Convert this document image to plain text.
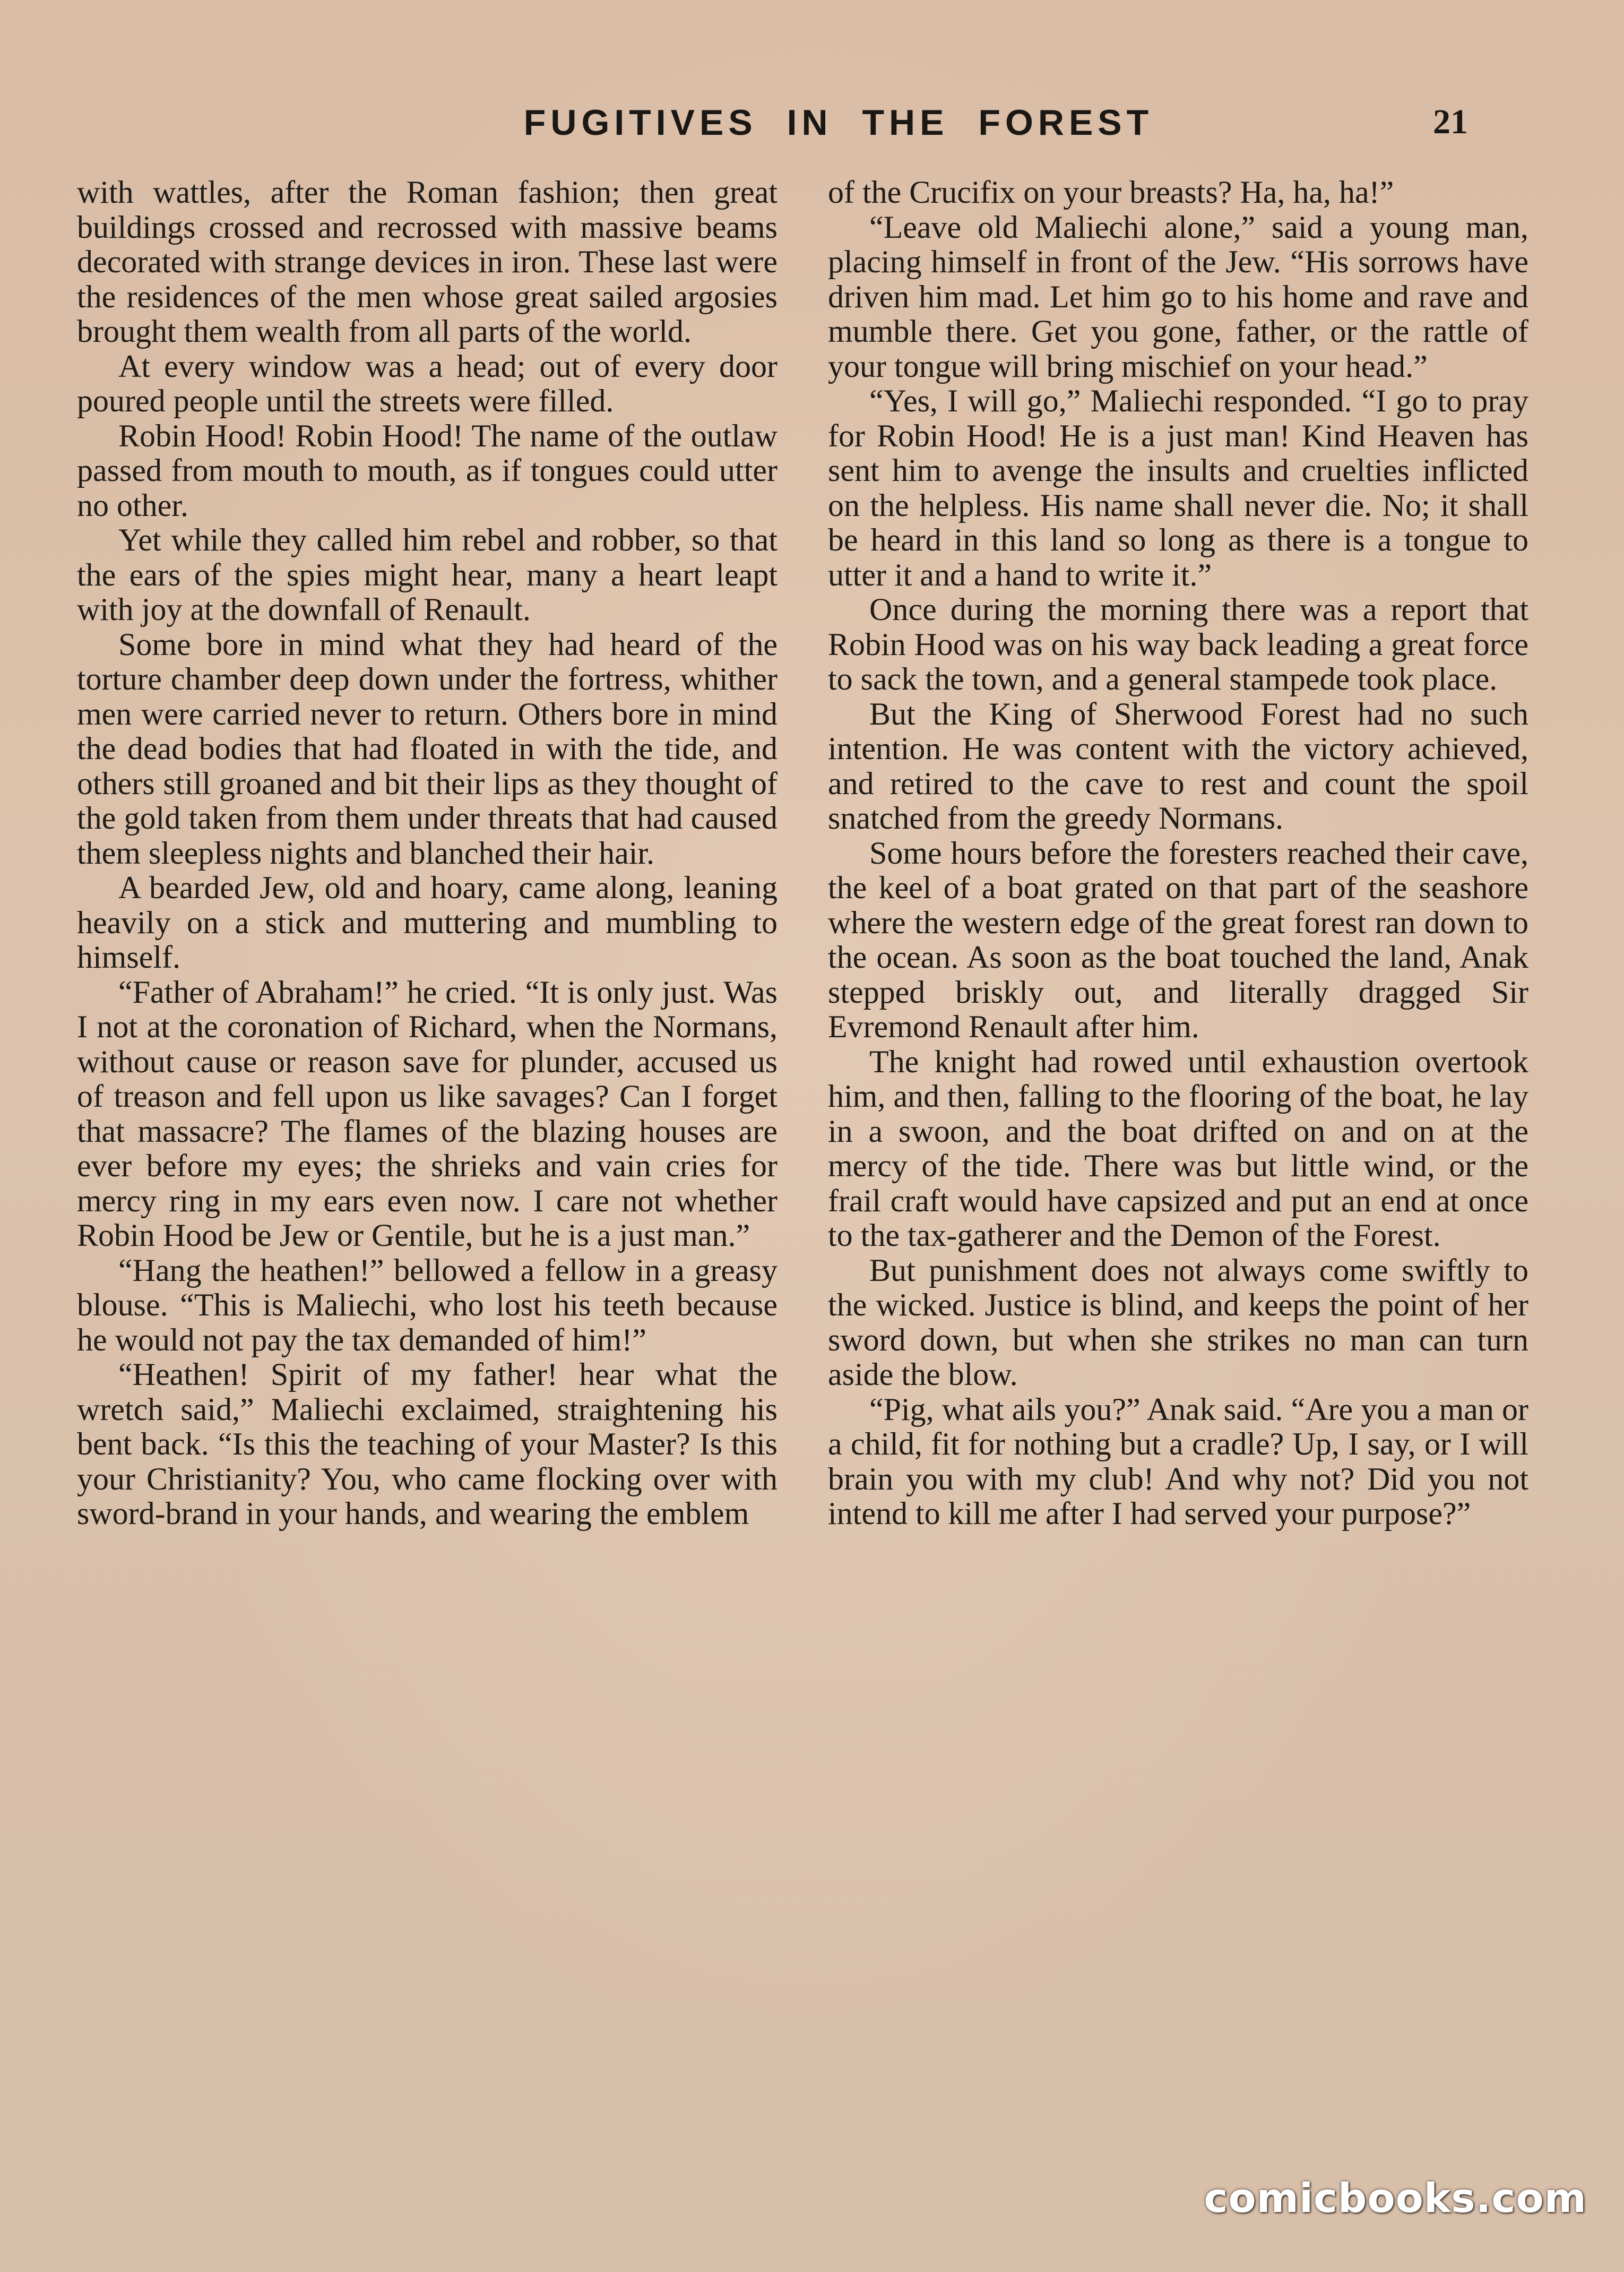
FUGITIVES IN THE FOREST	21

with wattles, after the Roman fashion; then great buildings crossed and recrossed with massive beams decorated with strange devices in iron. These last were the residences of the men whose great sailed argosies brought them wealth from all parts of the world.

At every window was a head; out of every door poured people until the streets were filled.

Robin Hood! Robin Hood! The name of the outlaw passed from mouth to mouth, as if tongues could utter no other.

Yet while they called him rebel and robber, so that the ears of the spies might hear, many a heart leapt with joy at the downfall of Renault.

Some bore in mind what they had heard of the torture chamber deep down under the fortress, whither men were carried never to return. Others bore in mind the dead bodies that had floated in with the tide, and others still groaned and bit their lips as they thought of the gold taken from them under threats that had caused them sleepless nights and blanched their hair.

A bearded Jew, old and hoary, came along, leaning heavily on a stick and muttering and mumbling to himself.

“Father of Abraham!” he cried. “It is only just. Was I not at the coronation of Richard, when the Normans, without cause or reason save for plunder, accused us of treason and fell upon us like savages? Can I forget that massacre? The flames of the blazing houses are ever before my eyes; the shrieks and vain cries for mercy ring in my ears even now. I care not whether Robin Hood be Jew or Gentile, but he is a just man.”

“Hang the heathen!” bellowed a fellow in a greasy blouse. “This is Maliechi, who lost his teeth because he would not pay the tax demanded of him!”

“Heathen! Spirit of my father! hear what the wretch said,” Maliechi exclaimed, straightening his bent back. “Is this the teaching of your Master? Is this your Christianity? You, who came flocking over with sword-brand in your hands, and wearing the emblem

of the Crucifix on your breasts? Ha, ha, ha!”

“Leave old Maliechi alone,” said a young man, placing himself in front of the Jew. “His sorrows have driven him mad. Let him go to his home and rave and mumble there. Get you gone, father, or the rattle of your tongue will bring mischief on your head.”

“Yes, I will go,” Maliechi responded. “I go to pray for Robin Hood! He is a just man! Kind Heaven has sent him to avenge the insults and cruelties inflicted on the helpless. His name shall never die. No; it shall be heard in this land so long as there is a tongue to utter it and a hand to write it.”

Once during the morning there was a report that Robin Hood was on his way back leading a great force to sack the town, and a general stampede took place.

But the King of Sherwood Forest had no such intention. He was content with the victory achieved, and retired to the cave to rest and count the spoil snatched from the greedy Normans.

Some hours before the foresters reached their cave, the keel of a boat grated on that part of the seashore where the western edge of the great forest ran down to the ocean. As soon as the boat touched the land, Anak stepped briskly out, and literally dragged Sir Evremond Renault after him.

The knight had rowed until exhaustion overtook him, and then, falling to the flooring of the boat, he lay in a swoon, and the boat drifted on and on at the mercy of the tide. There was but little wind, or the frail craft would have capsized and put an end at once to the tax-gatherer and the Demon of the Forest.

But punishment does not always come swiftly to the wicked. Justice is blind, and keeps the point of her sword down, but when she strikes no man can turn aside the blow.

“Pig, what ails you?” Anak said. “Are you a man or a child, fit for nothing but a cradle? Up, I say, or I will brain you with my club! And why not? Did you not intend to kill me after I had served your purpose?”

comicbooks.com
